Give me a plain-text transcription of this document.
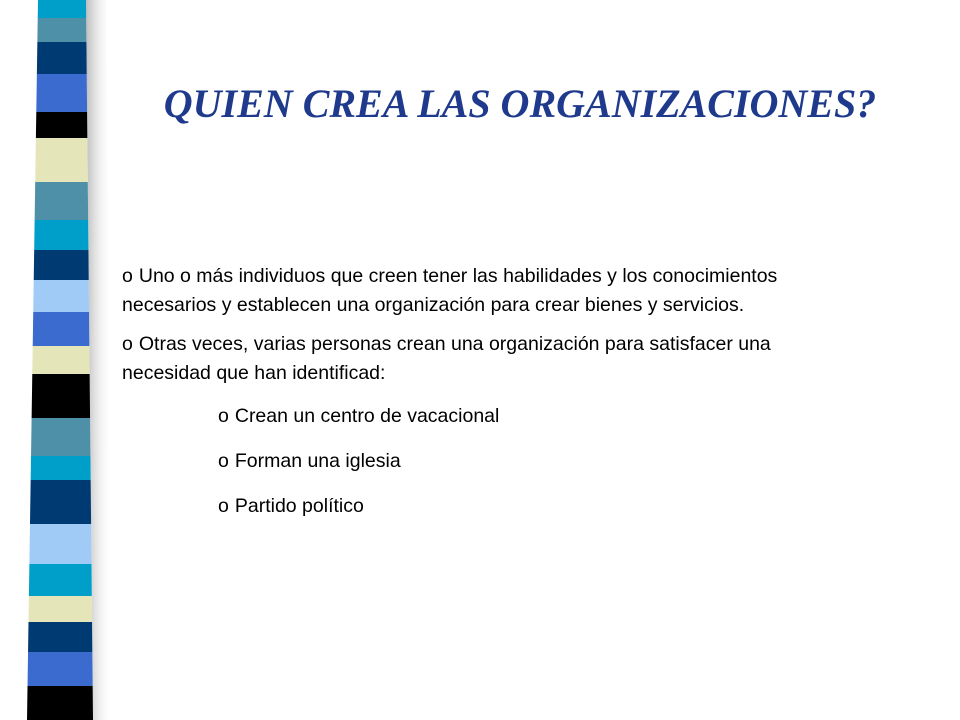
QUIEN CREA LAS ORGANIZACIONES?

o Uno o más individuos que creen tener las habilidades y los conocimientos necesarios y establecen una organización para crear bienes y servicios.

o Otras veces, varias personas crean una organización para satisfacer una necesidad que han identificad:

o Crean un centro de vacacional

o Forman una iglesia

o Partido político
